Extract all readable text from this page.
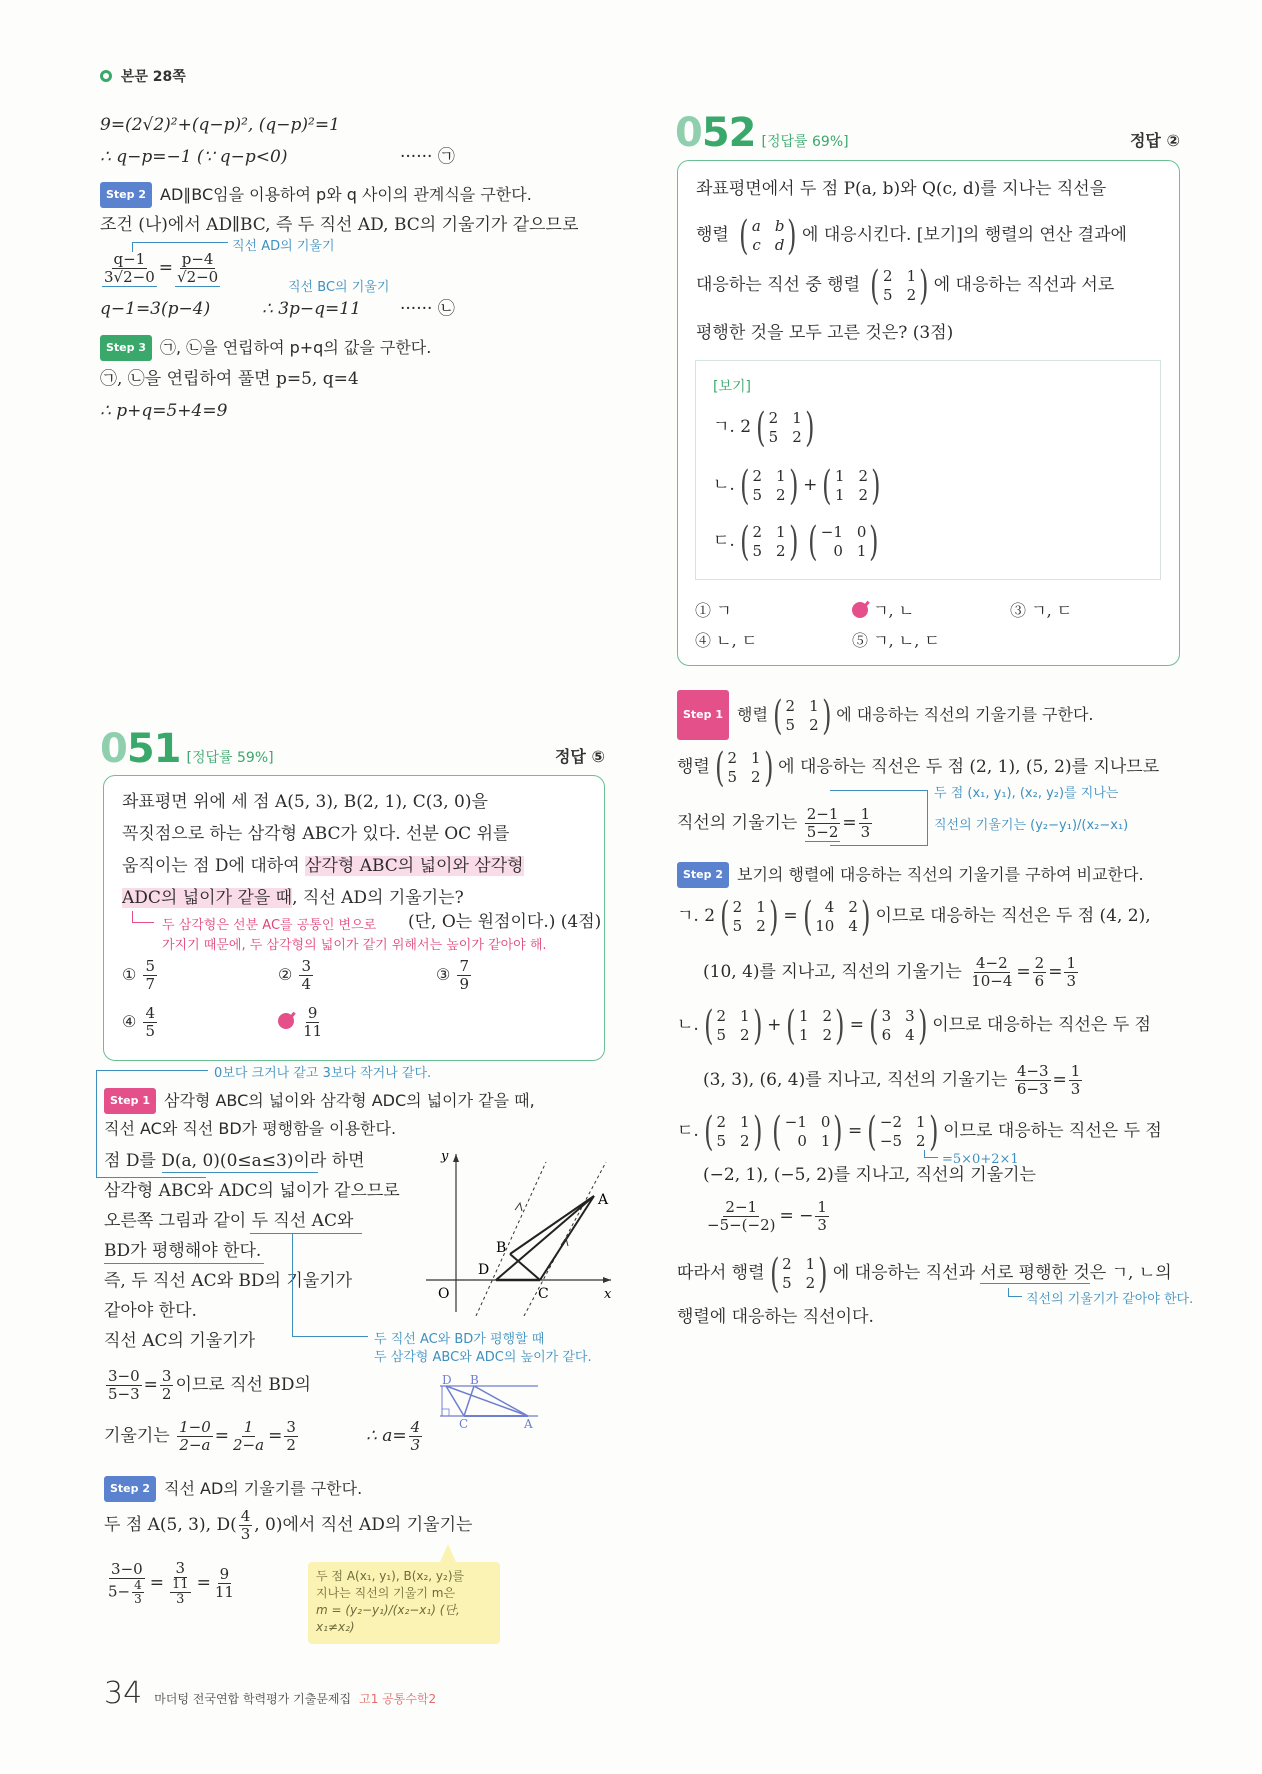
본문 28쪽
9=(2√2)²+(q−p)², (q−p)²=1
∴ q−p=−1 (∵ q−p<0)	······ ㉠
Step 2 AD∥BC임을 이용하여 p와 q 사이의 관계식을 구한다.
조건 (나)에서 AD∥BC, 즉 두 직선 AD, BC의 기울기가 같으므로
직선 AD의 기울기
$\frac{q-1}{3√2-0} = \frac{p-4}{√2-0}$
직선 BC의 기울기
q−1=3(p−4)	∴ 3p−q=11 ······ ㉡
Step 3 ㉠, ㉡을 연립하여 p+q의 값을 구한다.
㉠, ㉡을 연립하여 풀면 p=5, q=4
∴ p+q=5+4=9
051 [정답률 59%]	정답 ⑤
좌표평면 위에 세 점 A(5, 3), B(2, 1), C(3, 0)을
꼭짓점으로 하는 삼각형 ABC가 있다. 선분 OC 위를
움직이는 점 D에 대하여 삼각형 ABC의 넓이와 삼각형
ADC의 넓이가 같을 때, 직선 AD의 기울기는?
두 삼각형은 선분 AC를 공통인 변으로 (단, O는 원점이다.) (4점)
가지기 때문에, 두 삼각형의 넓이가 같기 위해서는 높이가 같아야 해.
① $\frac{5}{7}$	② $\frac{3}{4}$	③ $\frac{7}{9}$
④ $\frac{4}{5}$
	$\frac{9}{11}$
0보다 크거나 같고 3보다 작거나 같다.
Step 1 삼각형 ABC의 넓이와 삼각형 ADC의 넓이가 같을 때,
직선 AC와 직선 BD가 평행함을 이용한다.
점 D를 D(a, 0)(0≤a≤3)이라 하면
삼각형 ABC와 ADC의 넓이가 같으므로
오른쪽 그림과 같이 두 직선 AC와
BD가 평행해야 한다.
즉, 두 직선 AC와 BD의 기울기가
같아야 한다.
직선 AC의 기울기가	두 직선 AC와 BD가 평행할 때
두 삼각형 ABC와 ADC의 높이가 같다.
y
x
O
A
B
C
D
$\frac{3-0}{5-3} = \frac{3}{2}$ 이므로 직선 BD의
기울기는 $\frac{1-0}{2-a} = \frac{1}{2-a} = \frac{3}{2}$	∴ $a= \frac{4}{3}$
D B
C	A
Step 2 직선 AD의 기울기를 구한다.
두 점 A(5, 3), $D( \frac{4}{3}$ , 0)에서 직선 AD의 기울기는
$\frac{3-0}{5- \frac{4}{3}} = \frac{3}{\frac{11}{3}} = \frac{9}{11}$	두 점 A(x₁, y₁), B(x₂, y₂)를
지나는 직선의 기울기 m은
m = (y₂−y₁)/(x₂−x₁) (단, x₁≠x₂)
052 [정답률 69%]	정답 ②
좌표평면에서 두 점 P(a, b)와 Q(c, d)를 지나는 직선을
행렬 ( a b
c d ) 에 대응시킨다. [보기]의 행렬의 연산 결과에
대응하는 직선 중 행렬 ( 2 1
5 2 ) 에 대응하는 직선과 서로
평행한 것을 모두 고른 것은? (3점)
[보기]
ㄱ. 2 ( 2 1
5 2 )
ㄴ. ( 2 1
5 2 ) + ( 1 2
1 2 )
ㄷ. ( 2 1
5 2 ) ( −1 0
0 1 )
① ㄱ	ㄱ, ㄴ	③ ㄱ, ㄷ
④ ㄴ, ㄷ	⑤ ㄱ, ㄴ, ㄷ
Step 1 행렬 ( 2 1
5 2 ) 에 대응하는 직선의 기울기를 구한다.
행렬 ( 2 1
5 2 ) 에 대응하는 직선은 두 점 (2, 1), (5, 2)를 지나므로
두 점 (x₁, y₁), (x₂, y₂)를 지나는
직선의 기울기는 (y₂−y₁)/(x₂−x₁)
직선의 기울기는 $\frac{2-1}{5-2} = \frac{1}{3}$
Step 2 보기의 행렬에 대응하는 직선의 기울기를 구하여 비교한다.
ㄱ. 2 ( 2 1
5 2 ) = ( 4 2
10 4 ) 이므로 대응하는 직선은 두 점 (4, 2),
(10, 4)를 지나고, 직선의 기울기는 $\frac{4-2}{10-4} = \frac{2}{6} = \frac{1}{3}$
ㄴ. ( 2 1
5 2 ) + ( 1 2
1 2 ) = ( 3 3
6 4 ) 이므로 대응하는 직선은 두 점
(3, 3), (6, 4)를 지나고, 직선의 기울기는 $\frac{4-3}{6-3} = \frac{1}{3}$
ㄷ. ( 2 1
5 2 ) ( −1 0
0 1 ) = ( −2 1
−5 2 ) 이므로 대응하는 직선은 두 점
=5×0+2×1
(−2, 1), (−5, 2)를 지나고, 직선의 기울기는
$\frac{2-1}{-5-(-2)}$ = − $\frac{1}{3}$
따라서 행렬 ( 2 1
5 2 ) 에 대응하는 직선과 서로 평행한 것은 ㄱ, ㄴ의
직선의 기울기가 같아야 한다.
행렬에 대응하는 직선이다.
34 마더텅 전국연합 학력평가 기출문제집 고1 공통수학2
